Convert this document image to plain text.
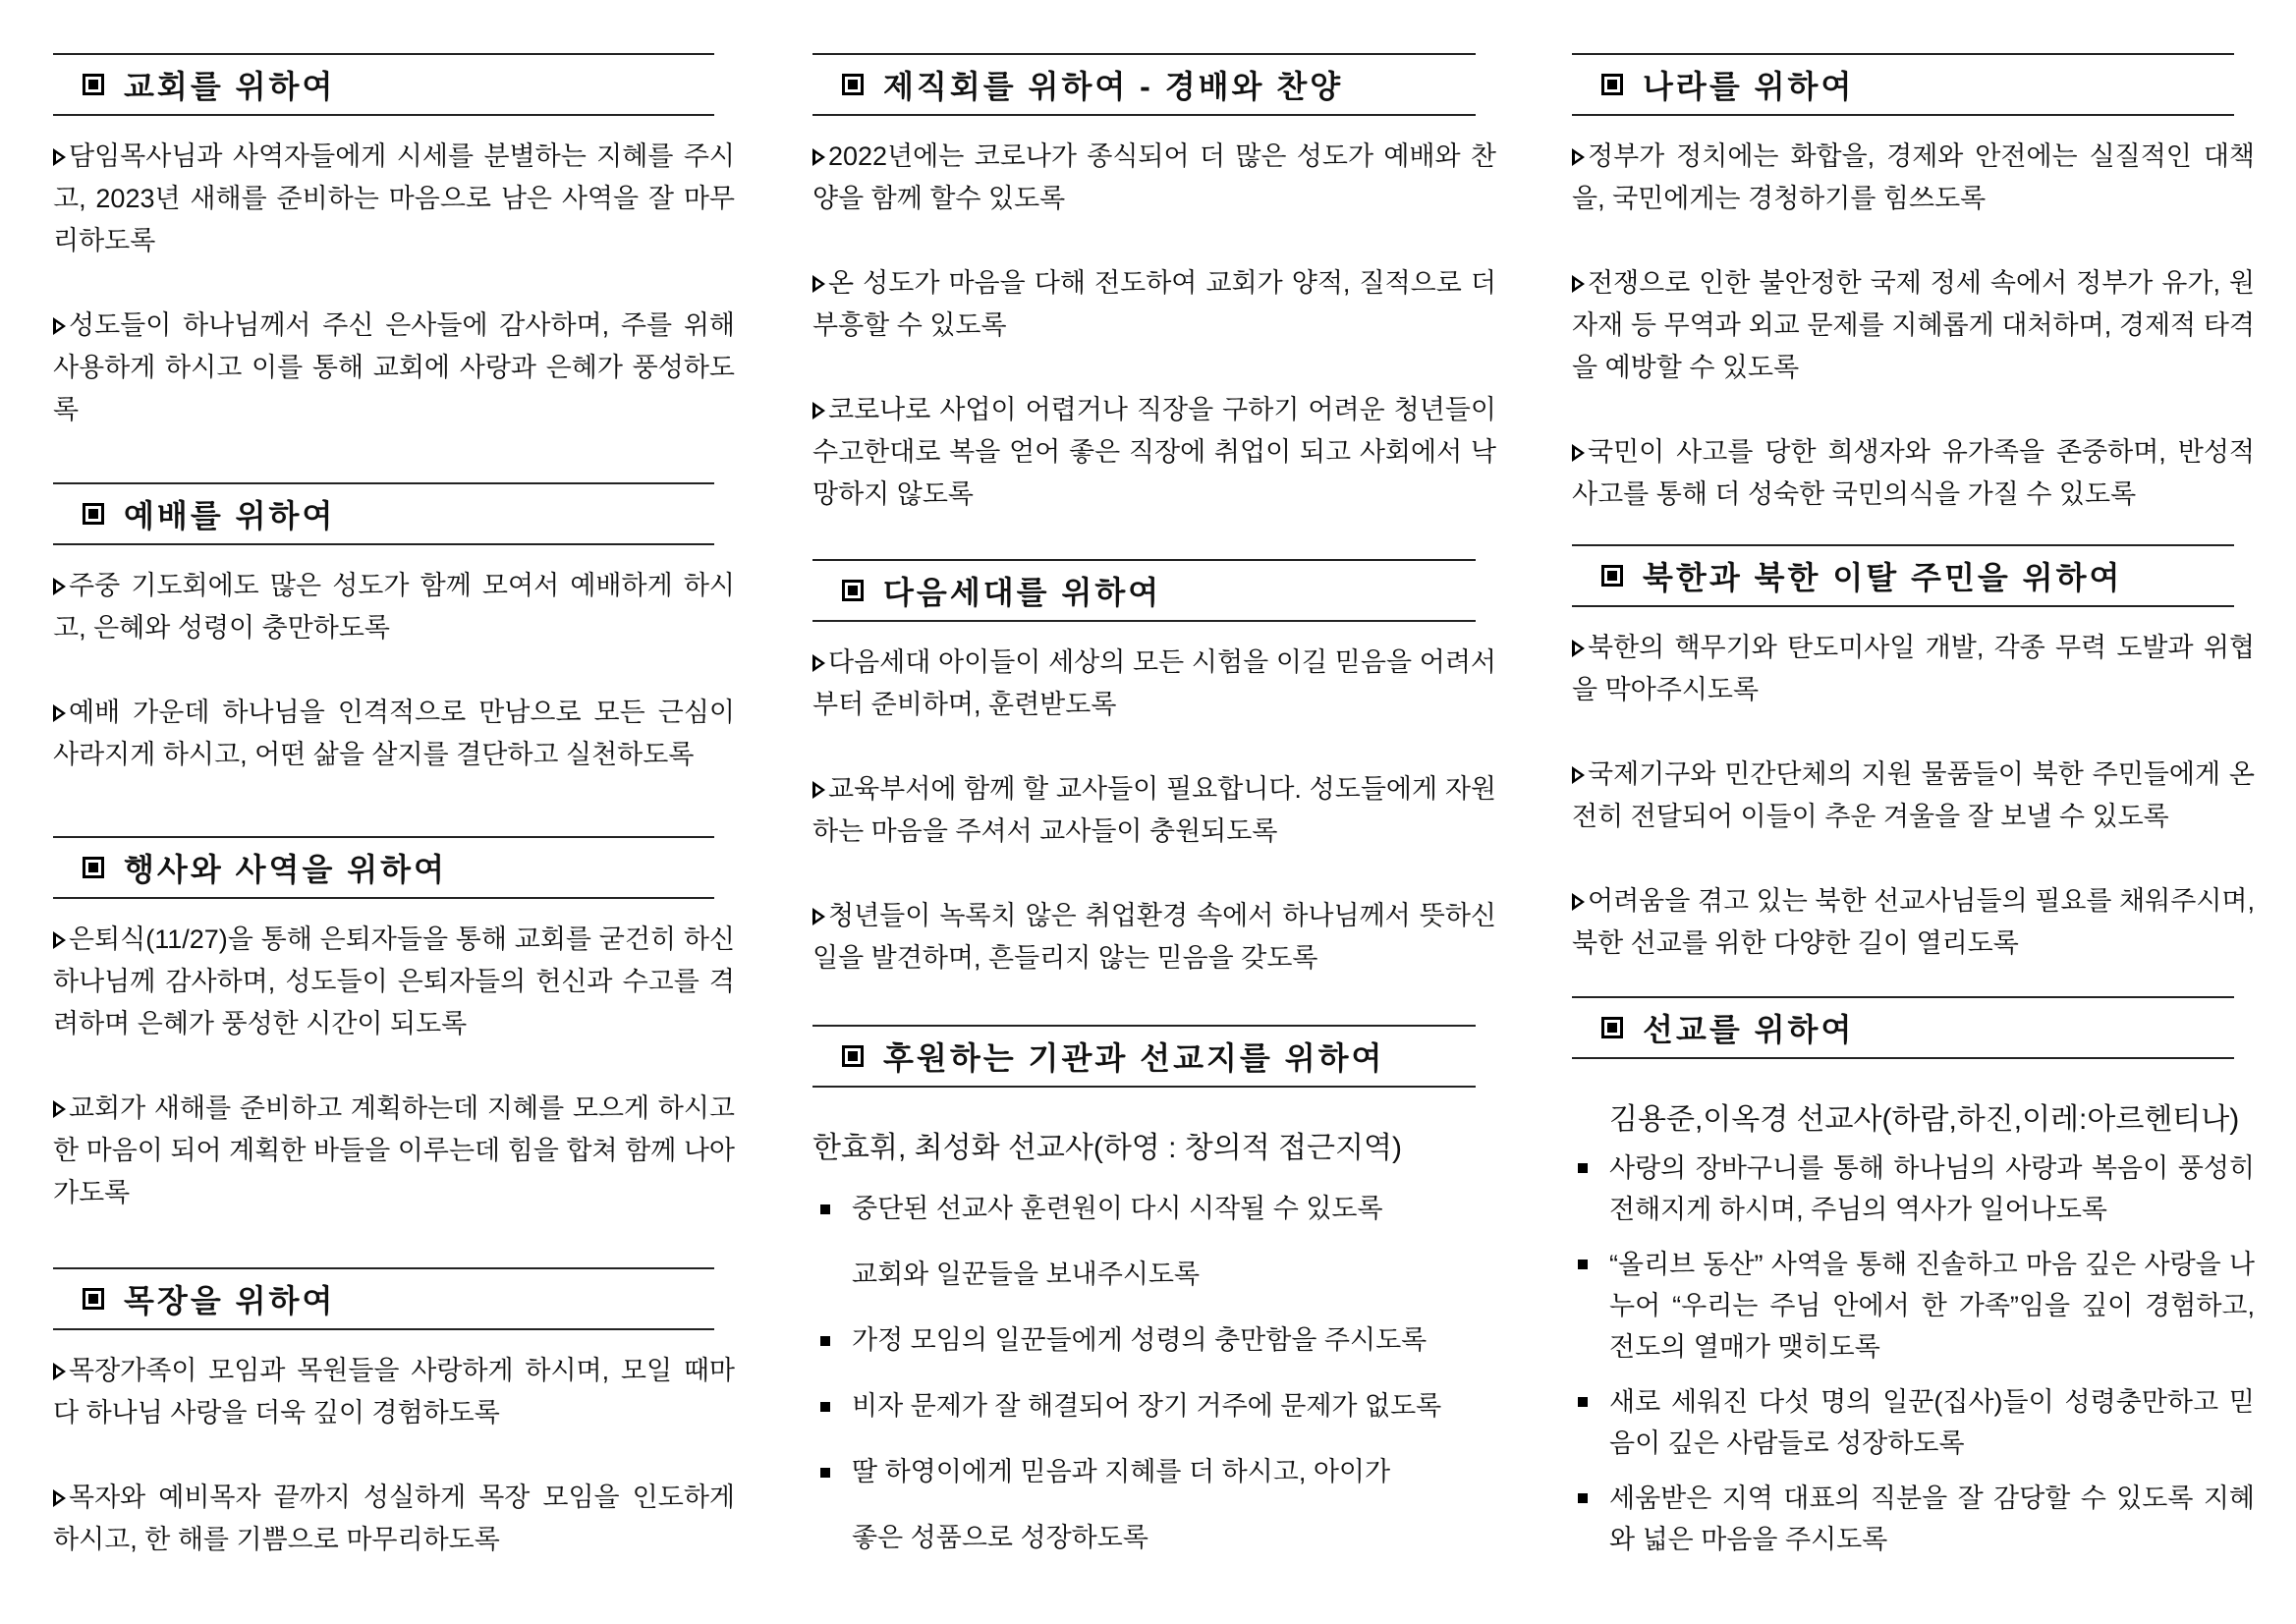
교회를 위하여

담임목사님과 사역자들에게 시세를 분별하는 지혜를 주시고, 2023년 새해를 준비하는 마음으로 남은 사역을 잘 마무리하도록

성도들이 하나님께서 주신 은사들에 감사하며, 주를 위해 사용하게 하시고 이를 통해 교회에 사랑과 은혜가 풍성하도록

예배를 위하여

주중 기도회에도 많은 성도가 함께 모여서 예배하게 하시고, 은혜와 성령이 충만하도록

예배 가운데 하나님을 인격적으로 만남으로 모든 근심이 사라지게 하시고, 어떤 삶을 살지를 결단하고 실천하도록

행사와 사역을 위하여

은퇴식(11/27)을 통해 은퇴자들을 통해 교회를 굳건히 하신 하나님께 감사하며, 성도들이 은퇴자들의 헌신과 수고를 격려하며 은혜가 풍성한 시간이 되도록

교회가 새해를 준비하고 계획하는데 지혜를 모으게 하시고 한 마음이 되어 계획한 바들을 이루는데 힘을 합쳐 함께 나아가도록

목장을 위하여

목장가족이 모임과 목원들을 사랑하게 하시며, 모일 때마다 하나님 사랑을 더욱 깊이 경험하도록

목자와 예비목자 끝까지 성실하게 목장 모임을 인도하게 하시고, 한 해를 기쁨으로 마무리하도록

제직회를 위하여 - 경배와 찬양

2022년에는 코로나가 종식되어 더 많은 성도가 예배와 찬양을 함께 할수 있도록

온 성도가 마음을 다해 전도하여 교회가 양적, 질적으로 더 부흥할 수 있도록

코로나로 사업이 어렵거나 직장을 구하기 어려운 청년들이 수고한대로 복을 얻어 좋은 직장에 취업이 되고 사회에서 낙망하지 않도록

다음세대를 위하여

다음세대 아이들이 세상의 모든 시험을 이길 믿음을 어려서부터 준비하며, 훈련받도록

교육부서에 함께 할 교사들이 필요합니다. 성도들에게 자원하는 마음을 주셔서 교사들이 충원되도록

청년들이 녹록치 않은 취업환경 속에서 하나님께서 뜻하신 일을 발견하며, 흔들리지 않는 믿음을 갖도록

후원하는 기관과 선교지를 위하여
한효휘, 최성화 선교사(하영 : 창의적 접근지역)
중단된 선교사 훈련원이 다시 시작될 수 있도록
교회와 일꾼들을 보내주시도록
가정 모임의 일꾼들에게 성령의 충만함을 주시도록
비자 문제가 잘 해결되어 장기 거주에 문제가 없도록
딸 하영이에게 믿음과 지혜를 더 하시고, 아이가
좋은 성품으로 성장하도록
나라를 위하여

정부가 정치에는 화합을, 경제와 안전에는 실질적인 대책을, 국민에게는 경청하기를 힘쓰도록

전쟁으로 인한 불안정한 국제 정세 속에서 정부가 유가, 원자재 등 무역과 외교 문제를 지혜롭게 대처하며, 경제적 타격을 예방할 수 있도록

국민이 사고를 당한 희생자와 유가족을 존중하며, 반성적 사고를 통해 더 성숙한 국민의식을 가질 수 있도록

북한과 북한 이탈 주민을 위하여

북한의 핵무기와 탄도미사일 개발, 각종 무력 도발과 위협을 막아주시도록

국제기구와 민간단체의 지원 물품들이 북한 주민들에게 온전히 전달되어 이들이 추운 겨울을 잘 보낼 수 있도록

어려움을 겪고 있는 북한 선교사님들의 필요를 채워주시며, 북한 선교를 위한 다양한 길이 열리도록

선교를 위하여
김용준,이옥경 선교사(하람,하진,이레:아르헨티나)
사랑의 장바구니를 통해 하나님의 사랑과 복음이 풍성히 전해지게 하시며, 주님의 역사가 일어나도록
“올리브 동산” 사역을 통해 진솔하고 마음 깊은 사랑을 나누어 “우리는 주님 안에서 한 가족”임을 깊이 경험하고, 전도의 열매가 맺히도록
새로 세워진 다섯 명의 일꾼(집사)들이 성령충만하고 믿음이 깊은 사람들로 성장하도록
세움받은 지역 대표의 직분을 잘 감당할 수 있도록 지혜와 넓은 마음을 주시도록
